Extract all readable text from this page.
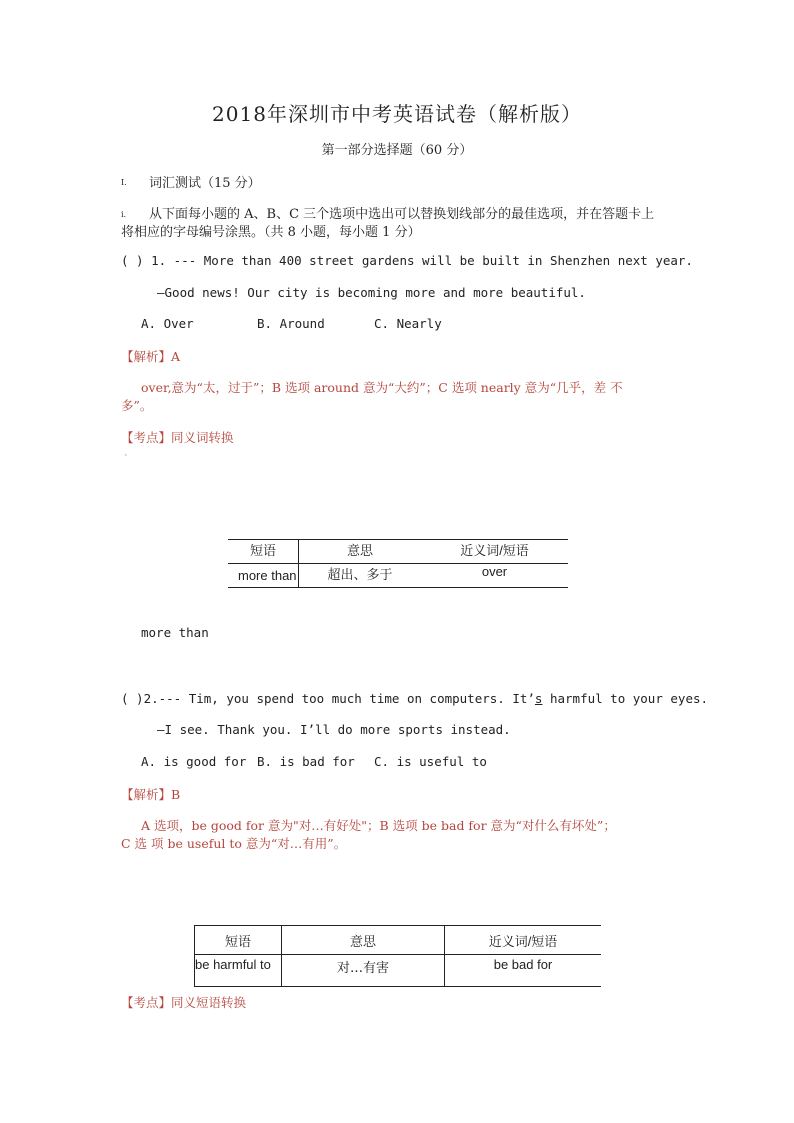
2018年深圳市中考英语试卷（解析版）
第一部分选择题（60 分）
I. 词汇测试（15 分）
i. 从下面每小题的 A、B、C 三个选项中选出可以替换划线部分的最佳选项，并在答题卡上
将相应的字母编号涂黑。（共 8 小题，每小题 1 分）
( ) 1. --- More than 400 street gardens will be built in Shenzhen next year.
—Good news! Our city is becoming more and more beautiful.
A. Over	B. Around	C. Nearly
【解析】A
over,意为“太，过于”；B 选项 around 意为“大约”；C 选项 nearly 意为“几乎，差 不
多”。
【考点】同义词转换
`
短语	意思	近义词/短语
more than	超出、多于	over
more than
( )2.--- Tim, you spend too much time on computers. It’s harmful to your eyes.
—I see. Thank you. I’ll do more sports instead.
A. is good for B. is bad for C. is useful to
【解析】B
A 选项，be good for 意为"对…有好处"；B 选项 be bad for 意为“对什么有坏处”；
C 选 项 be useful to 意为“对…有用”。
短语	意思	近义词/短语
be harmful to	对…有害	be bad for
【考点】同义短语转换
